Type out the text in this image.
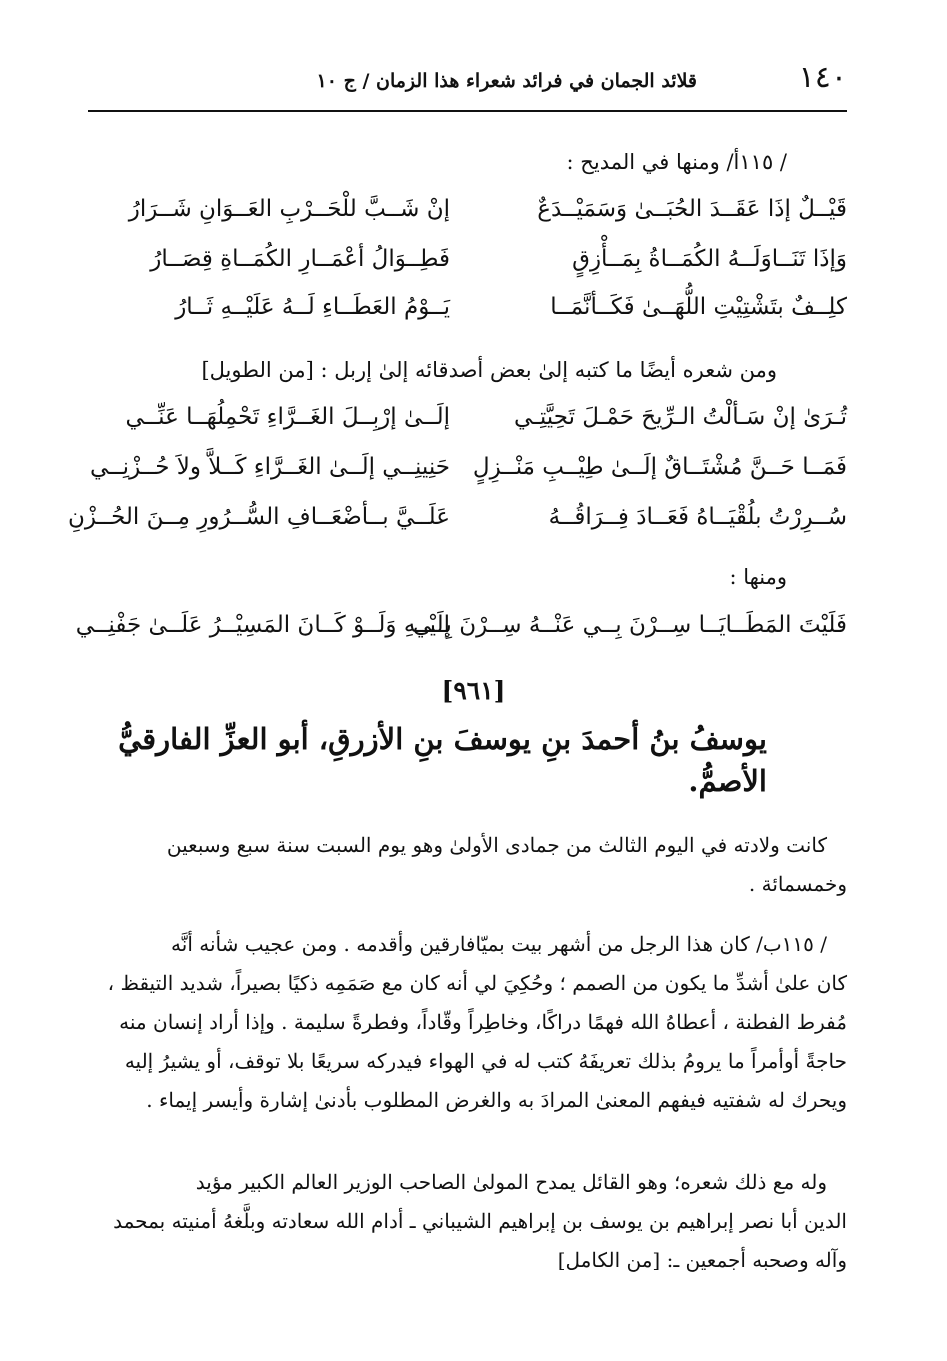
١٤٠
قلائد الجمان في فرائد شعراء هذا الزمان / ج ١٠
/ ١١٥أ/ ومنها في المديح :
قَيْــلٌ إذَا عَقَــدَ الحُبَــىٰ وَسَمَيْــدَعٌ
إنْ شَــبَّ للْحَــرْبِ العَــوَانِ شَــرَارُ
وَإذَا تَنَــاوَلَــهُ الكُمَــاةُ بِمَــأْزِقٍ
فَطِــوَالُ أعْمَــارِ الكُمَــاةِ قِصَــارُ
كلِــفٌ بتَشْتِيْتِ اللُّهَــىٰ فَكَــأنَّمَــا
يَــوْمُ العَطَــاءِ لَــهُ عَلَيْــهِ ثَــارُ
ومن شعره أيضًا ما كتبه إلىٰ بعض أصدقائه إلىٰ إربل : [من الطويل]
تُـرَىٰ إنْ سَـألْتُ الـرِّيحَ حَمْـلَ تَحِيَّتِـي
إلَــىٰ إرْبِــلَ الغَــرَّاءِ تَحْمِلُهَــا عَنِّــي
فَمَــا حَــنَّ مُشْتَــاقٌ إلَــىٰ طِيْــبِ مَنْــزِلٍ
حَنِينِــي إلَــىٰ الغَــرَّاءِ كَــلاَّ ولاَ حُــزْنِــي
سُــرِرْتُ بلُقْيَــاهُ فَعَــادَ فِــرَاقُــهُ
عَلَــيَّ بــأضْعَــافِ السُّــرُورِ مِــنَ الحُــزْنِ
ومنها :
فَلَيْتَ المَطَــايَــا سِــرْنَ بِــي عَنْــهُ سِــرْنَ بِــي
إلَيْــهِ وَلَــوْ كَــانَ المَسِيْــرُ عَلَــىٰ جَفْنِــي
[٩٦١]
يوسفُ بنُ أحمدَ بنِ يوسفَ بنِ الأزرقِ، أبو العزِّ الفارقيُّ
الأصمُّ.
كانت ولادته في اليوم الثالث من جمادى الأولىٰ وهو يوم السبت سنة سبع وسبعين
وخمسمائة .
/ ١١٥ب/ كان هذا الرجل من أشهر بيت بميّافارقين وأقدمه . ومن عجيب شأنه أنَّه
كان علىٰ أشدِّ ما يكون من الصمم ؛ وحُكِيَ لي أنه كان مع صَمَمِه ذكيًا بصيراً، شديد التيقظ ،
مُفرط الفطنة ، أعطاهُ الله فهمًا دراكًا، وخاطِراً وقّاداً، وفطرةً سليمة . وإذا أراد إنسان منه
حاجةً أوأمراً ما يرومُ بذلك تعريفَهُ كتب له في الهواء فيدركه سريعًا بلا توقف، أو يشيرُ إليه
ويحرك له شفتيه فيفهم المعنىٰ المرادَ به والغرض المطلوب بأدنىٰ إشارة وأيسر إيماء .
وله مع ذلك شعره؛ وهو القائل يمدح المولىٰ الصاحب الوزير العالم الكبير مؤيد
الدين أبا نصر إبراهيم بن يوسف بن إبراهيم الشيباني ـ أدام الله سعادته وبلَّغهُ أمنيته بمحمد
وآله وصحبه أجمعين ـ: [من الكامل]
